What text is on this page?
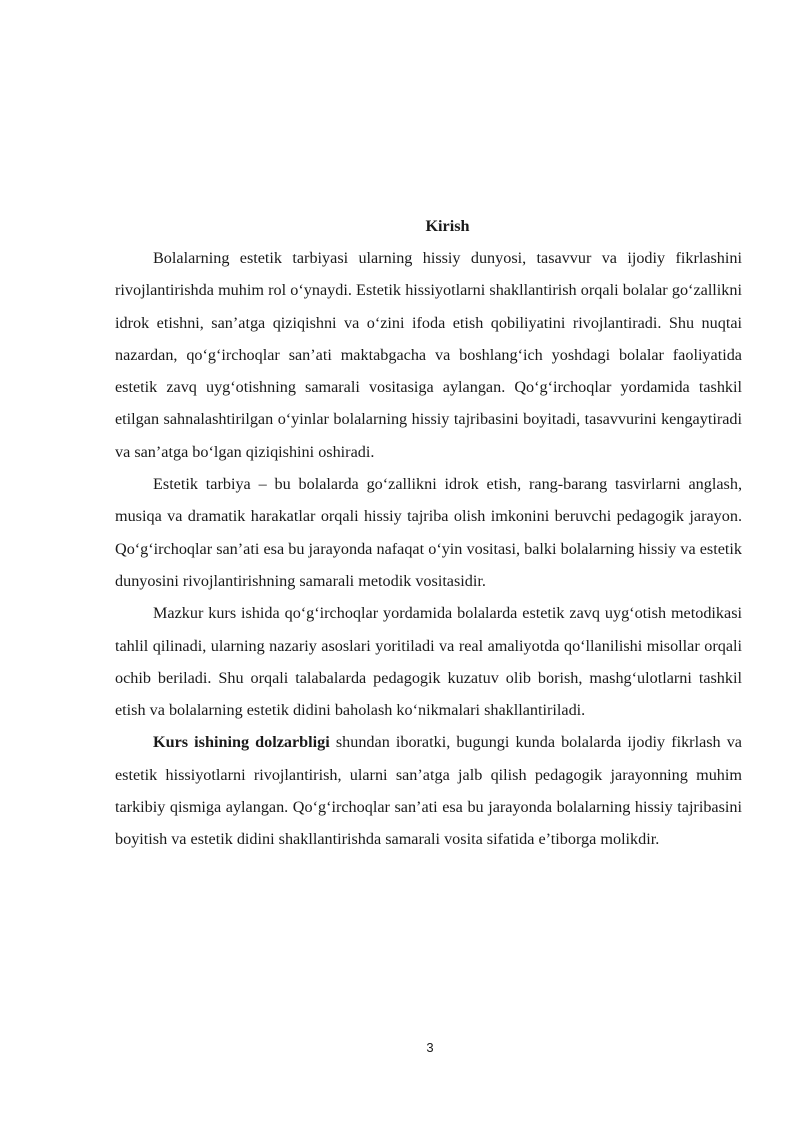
Kirish

Bolalarning estetik tarbiyasi ularning hissiy dunyosi, tasavvur va ijodiy fikrlashini rivojlantirishda muhim rol o‘ynaydi. Estetik hissiyotlarni shakllantirish orqali bolalar go‘zallikni idrok etishni, san’atga qiziqishni va o‘zini ifoda etish qobiliyatini rivojlantiradi. Shu nuqtai nazardan, qo‘g‘irchoqlar san’ati maktabgacha va boshlang‘ich yoshdagi bolalar faoliyatida estetik zavq uyg‘otishning samarali vositasiga aylangan. Qo‘g‘irchoqlar yordamida tashkil etilgan sahnalashtirilgan o‘yinlar bolalarning hissiy tajribasini boyitadi, tasavvurini kengaytiradi va san’atga bo‘lgan qiziqishini oshiradi.

Estetik tarbiya – bu bolalarda go‘zallikni idrok etish, rang-barang tasvirlarni anglash, musiqa va dramatik harakatlar orqali hissiy tajriba olish imkonini beruvchi pedagogik jarayon. Qo‘g‘irchoqlar san’ati esa bu jarayonda nafaqat o‘yin vositasi, balki bolalarning hissiy va estetik dunyosini rivojlantirishning samarali metodik vositasidir.

Mazkur kurs ishida qo‘g‘irchoqlar yordamida bolalarda estetik zavq uyg‘otish metodikasi tahlil qilinadi, ularning nazariy asoslari yoritiladi va real amaliyotda qo‘llanilishi misollar orqali ochib beriladi. Shu orqali talabalarda pedagogik kuzatuv olib borish, mashg‘ulotlarni tashkil etish va bolalarning estetik didini baholash ko‘nikmalari shakllantiriladi.

Kurs ishining dolzarbligi shundan iboratki, bugungi kunda bolalarda ijodiy fikrlash va estetik hissiyotlarni rivojlantirish, ularni san’atga jalb qilish pedagogik jarayonning muhim tarkibiy qismiga aylangan. Qo‘g‘irchoqlar san’ati esa bu jarayonda bolalarning hissiy tajribasini boyitish va estetik didini shakllantirishda samarali vosita sifatida e’tiborga molikdir.

3
